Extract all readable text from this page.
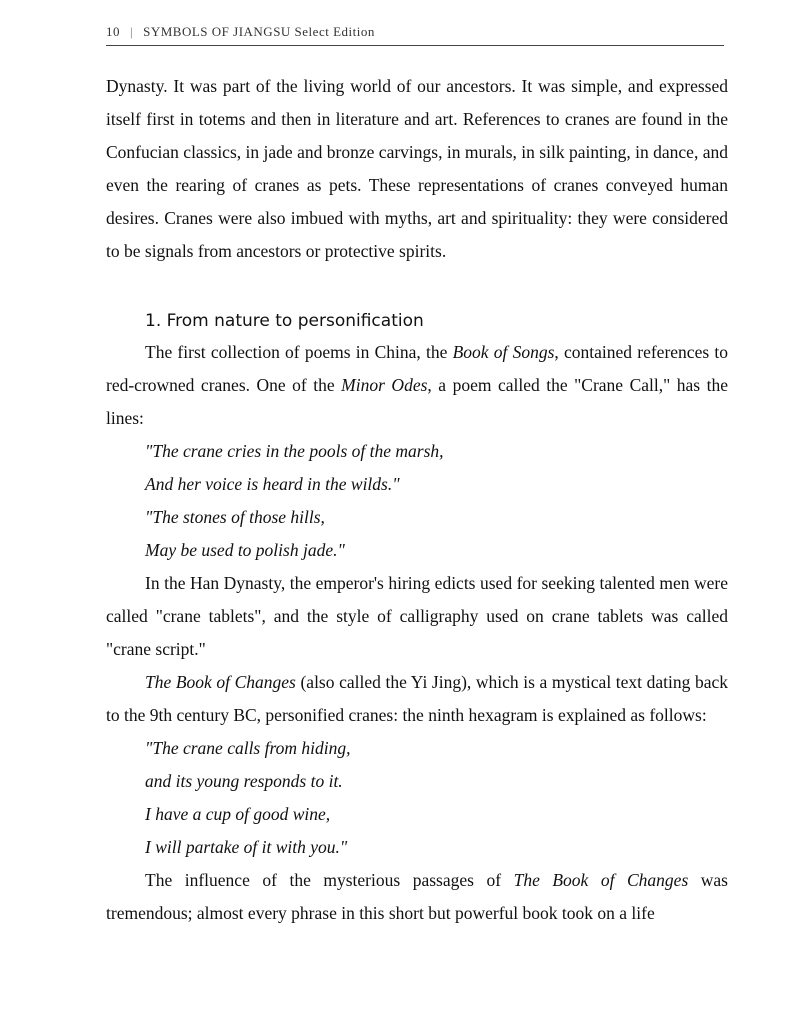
10 | SYMBOLS OF JIANGSU Select Edition

Dynasty. It was part of the living world of our ancestors. It was simple, and expressed itself first in totems and then in literature and art. References to cranes are found in the Confucian classics, in jade and bronze carvings, in murals, in silk painting, in dance, and even the rearing of cranes as pets. These representations of cranes conveyed human desires. Cranes were also imbued with myths, art and spirituality: they were considered to be signals from ancestors or protective spirits.

1. From nature to personification

The first collection of poems in China, the Book of Songs, contained references to red-crowned cranes. One of the Minor Odes, a poem called the "Crane Call," has the lines:

"The crane cries in the pools of the marsh,

And her voice is heard in the wilds."

"The stones of those hills,

May be used to polish jade."

In the Han Dynasty, the emperor's hiring edicts used for seeking talented men were called "crane tablets", and the style of calligraphy used on crane tablets was called "crane script."

The Book of Changes (also called the Yi Jing), which is a mystical text dating back to the 9th century BC, personified cranes: the ninth hexagram is explained as follows:

"The crane calls from hiding,

and its young responds to it.

I have a cup of good wine,

I will partake of it with you."

The influence of the mysterious passages of The Book of Changes was tremendous; almost every phrase in this short but powerful book took on a life
